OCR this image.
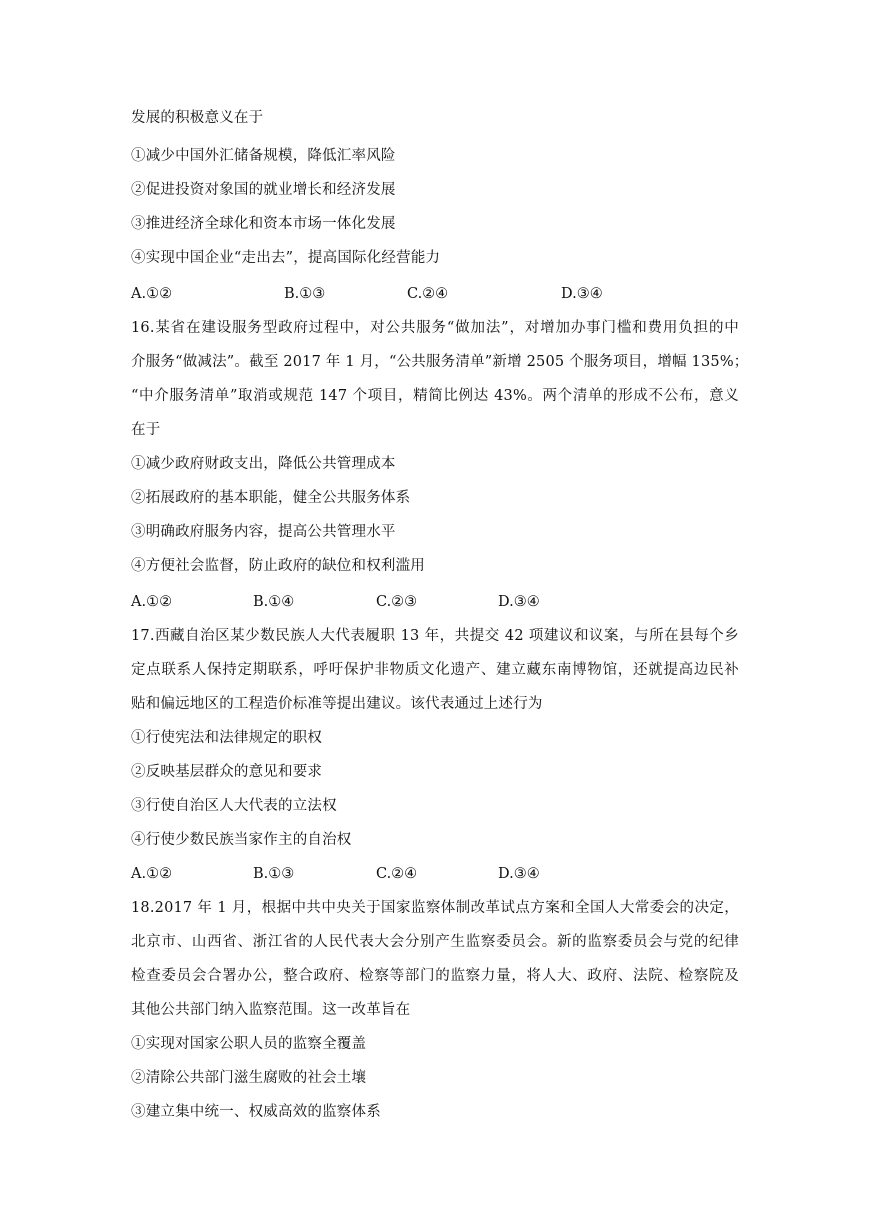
发展的积极意义在于
①减少中国外汇储备规模，降低汇率风险
②促进投资对象国的就业增长和经济发展
③推进经济全球化和资本市场一体化发展
④实现中国企业“走出去”，提高国际化经营能力
A.①②	B.①③	C.②④	D.③④
16.某省在建设服务型政府过程中，对公共服务“做加法”，对增加办事门槛和费用负担的中
介服务“做减法”。截至 2017 年 1 月，“公共服务清单”新增 2505 个服务项目，增幅 135%；
“中介服务清单”取消或规范 147 个项目，精简比例达 43%。两个清单的形成不公布，意义
在于
①减少政府财政支出，降低公共管理成本
②拓展政府的基本职能，健全公共服务体系
③明确政府服务内容，提高公共管理水平
④方便社会监督，防止政府的缺位和权利滥用
A.①②	B.①④	C.②③	D.③④
17.西藏自治区某少数民族人大代表履职 13 年，共提交 42 项建议和议案，与所在县每个乡
定点联系人保持定期联系，呼吁保护非物质文化遗产、建立藏东南博物馆，还就提高边民补
贴和偏远地区的工程造价标准等提出建议。该代表通过上述行为
①行使宪法和法律规定的职权
②反映基层群众的意见和要求
③行使自治区人大代表的立法权
④行使少数民族当家作主的自治权
A.①②	B.①③	C.②④	D.③④
18.2017 年 1 月，根据中共中央关于国家监察体制改革试点方案和全国人大常委会的决定，
北京市、山西省、浙江省的人民代表大会分别产生监察委员会。新的监察委员会与党的纪律
检查委员会合署办公，整合政府、检察等部门的监察力量，将人大、政府、法院、检察院及
其他公共部门纳入监察范围。这一改革旨在
①实现对国家公职人员的监察全覆盖
②清除公共部门滋生腐败的社会土壤
③建立集中统一、权威高效的监察体系
